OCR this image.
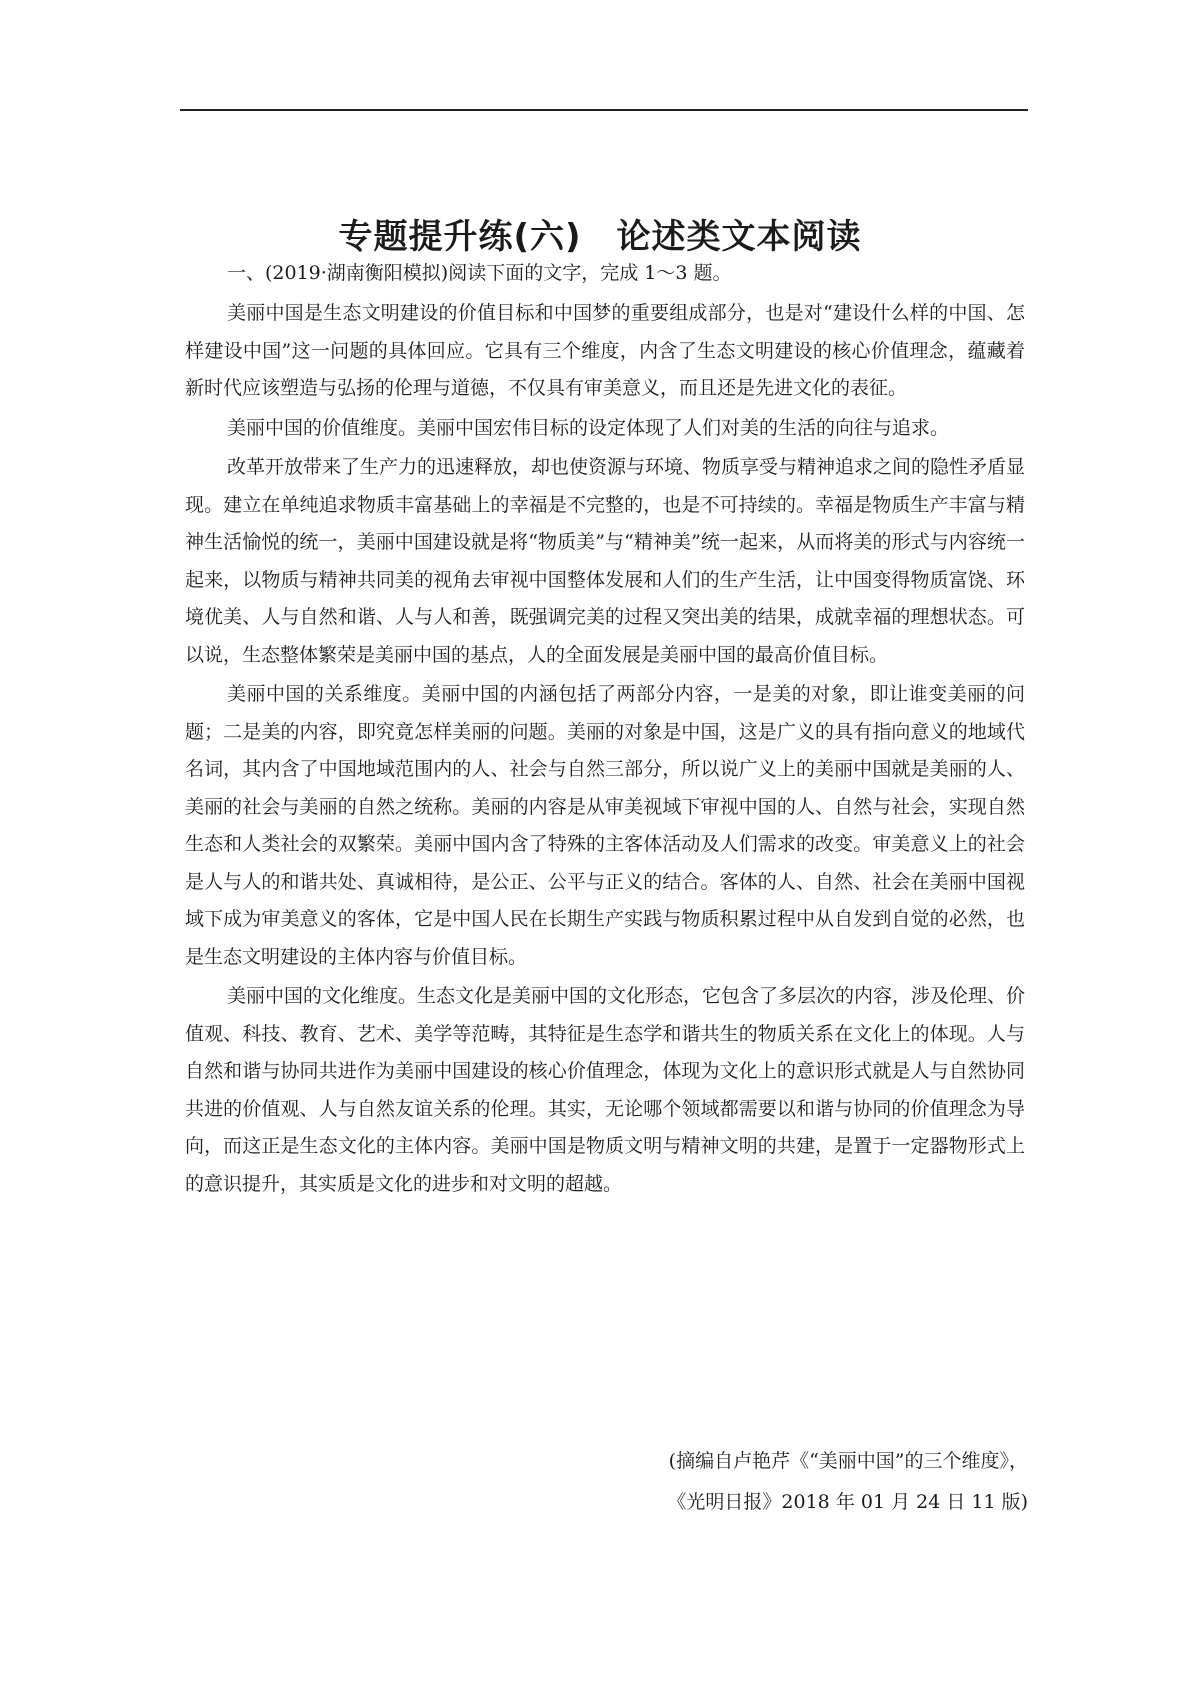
专题提升练(六)　论述类文本阅读

一、(2019·湖南衡阳模拟)阅读下面的文字，完成 1～3 题。

美丽中国是生态文明建设的价值目标和中国梦的重要组成部分，也是对“建设什么样的中国、怎样建设中国”这一问题的具体回应。它具有三个维度，内含了生态文明建设的核心价值理念，蕴藏着新时代应该塑造与弘扬的伦理与道德，不仅具有审美意义，而且还是先进文化的表征。

美丽中国的价值维度。美丽中国宏伟目标的设定体现了人们对美的生活的向往与追求。

改革开放带来了生产力的迅速释放，却也使资源与环境、物质享受与精神追求之间的隐性矛盾显现。建立在单纯追求物质丰富基础上的幸福是不完整的，也是不可持续的。幸福是物质生产丰富与精神生活愉悦的统一，美丽中国建设就是将“物质美”与“精神美”统一起来，从而将美的形式与内容统一起来，以物质与精神共同美的视角去审视中国整体发展和人们的生产生活，让中国变得物质富饶、环境优美、人与自然和谐、人与人和善，既强调完美的过程又突出美的结果，成就幸福的理想状态。可以说，生态整体繁荣是美丽中国的基点，人的全面发展是美丽中国的最高价值目标。

美丽中国的关系维度。美丽中国的内涵包括了两部分内容，一是美的对象，即让谁变美丽的问题；二是美的内容，即究竟怎样美丽的问题。美丽的对象是中国，这是广义的具有指向意义的地域代名词，其内含了中国地域范围内的人、社会与自然三部分，所以说广义上的美丽中国就是美丽的人、美丽的社会与美丽的自然之统称。美丽的内容是从审美视域下审视中国的人、自然与社会，实现自然生态和人类社会的双繁荣。美丽中国内含了特殊的主客体活动及人们需求的改变。审美意义上的社会是人与人的和谐共处、真诚相待，是公正、公平与正义的结合。客体的人、自然、社会在美丽中国视域下成为审美意义的客体，它是中国人民在长期生产实践与物质积累过程中从自发到自觉的必然，也是生态文明建设的主体内容与价值目标。

美丽中国的文化维度。生态文化是美丽中国的文化形态，它包含了多层次的内容，涉及伦理、价值观、科技、教育、艺术、美学等范畴，其特征是生态学和谐共生的物质关系在文化上的体现。人与自然和谐与协同共进作为美丽中国建设的核心价值理念，体现为文化上的意识形式就是人与自然协同共进的价值观、人与自然友谊关系的伦理。其实，无论哪个领域都需要以和谐与协同的价值理念为导向，而这正是生态文化的主体内容。美丽中国是物质文明与精神文明的共建，是置于一定器物形式上的意识提升，其实质是文化的进步和对文明的超越。

(摘编自卢艳芹《“美丽中国”的三个维度》，
《光明日报》2018 年 01 月 24 日 11 版)
